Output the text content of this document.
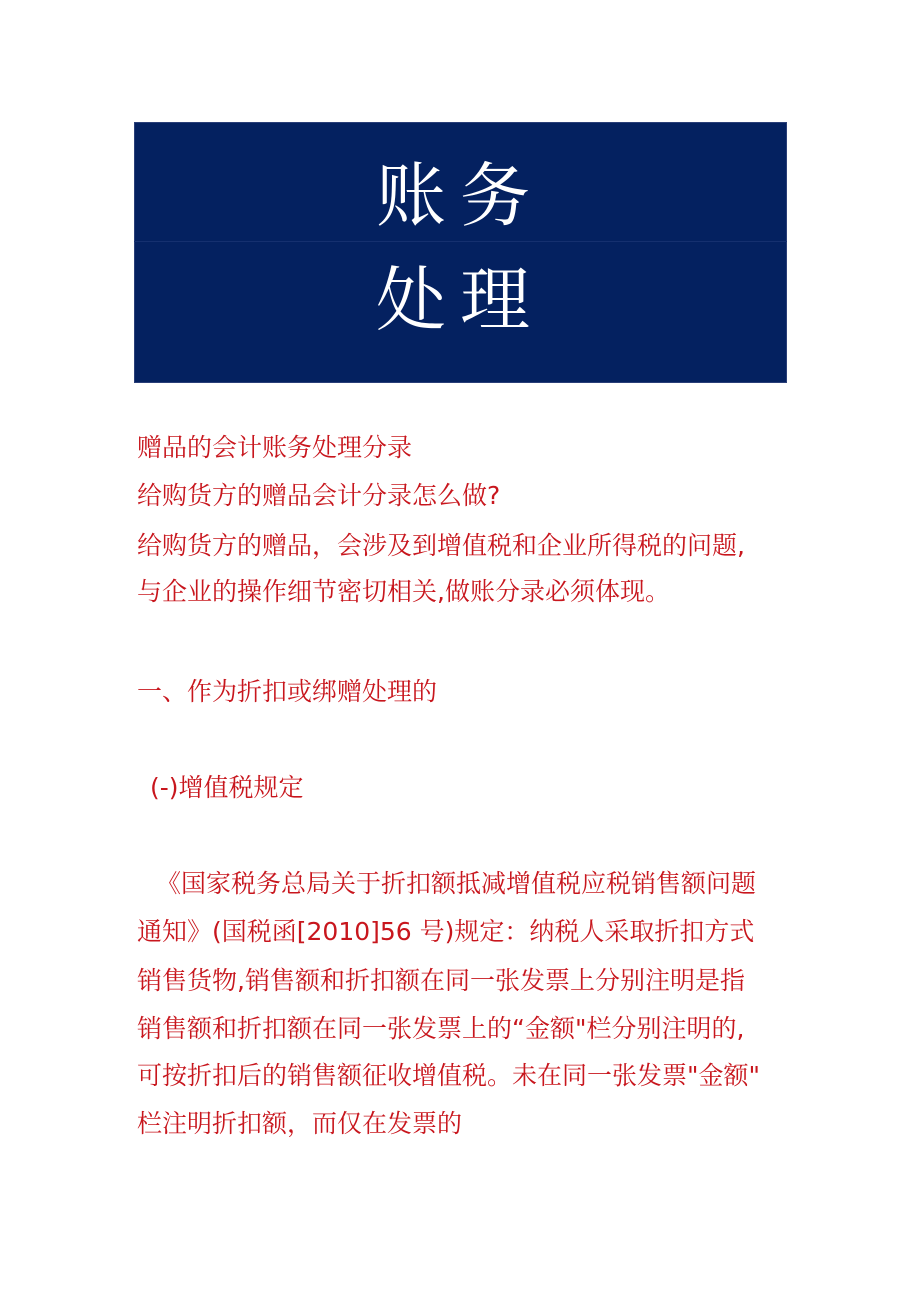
账务
处理
赠品的会计账务处理分录
给购货方的赠品会计分录怎么做?
给购货方的赠品，会涉及到增值税和企业所得税的问题,
与企业的操作细节密切相关,做账分录必须体现。
一、作为折扣或绑赠处理的
(-)增值税规定
《国家税务总局关于折扣额抵减增值税应税销售额问题
通知》(国税函[2010]56 号)规定：纳税人采取折扣方式
销售货物,销售额和折扣额在同一张发票上分别注明是指
销售额和折扣额在同一张发票上的“金额"栏分别注明的,
可按折扣后的销售额征收增值税。未在同一张发票"金额"
栏注明折扣额，而仅在发票的
